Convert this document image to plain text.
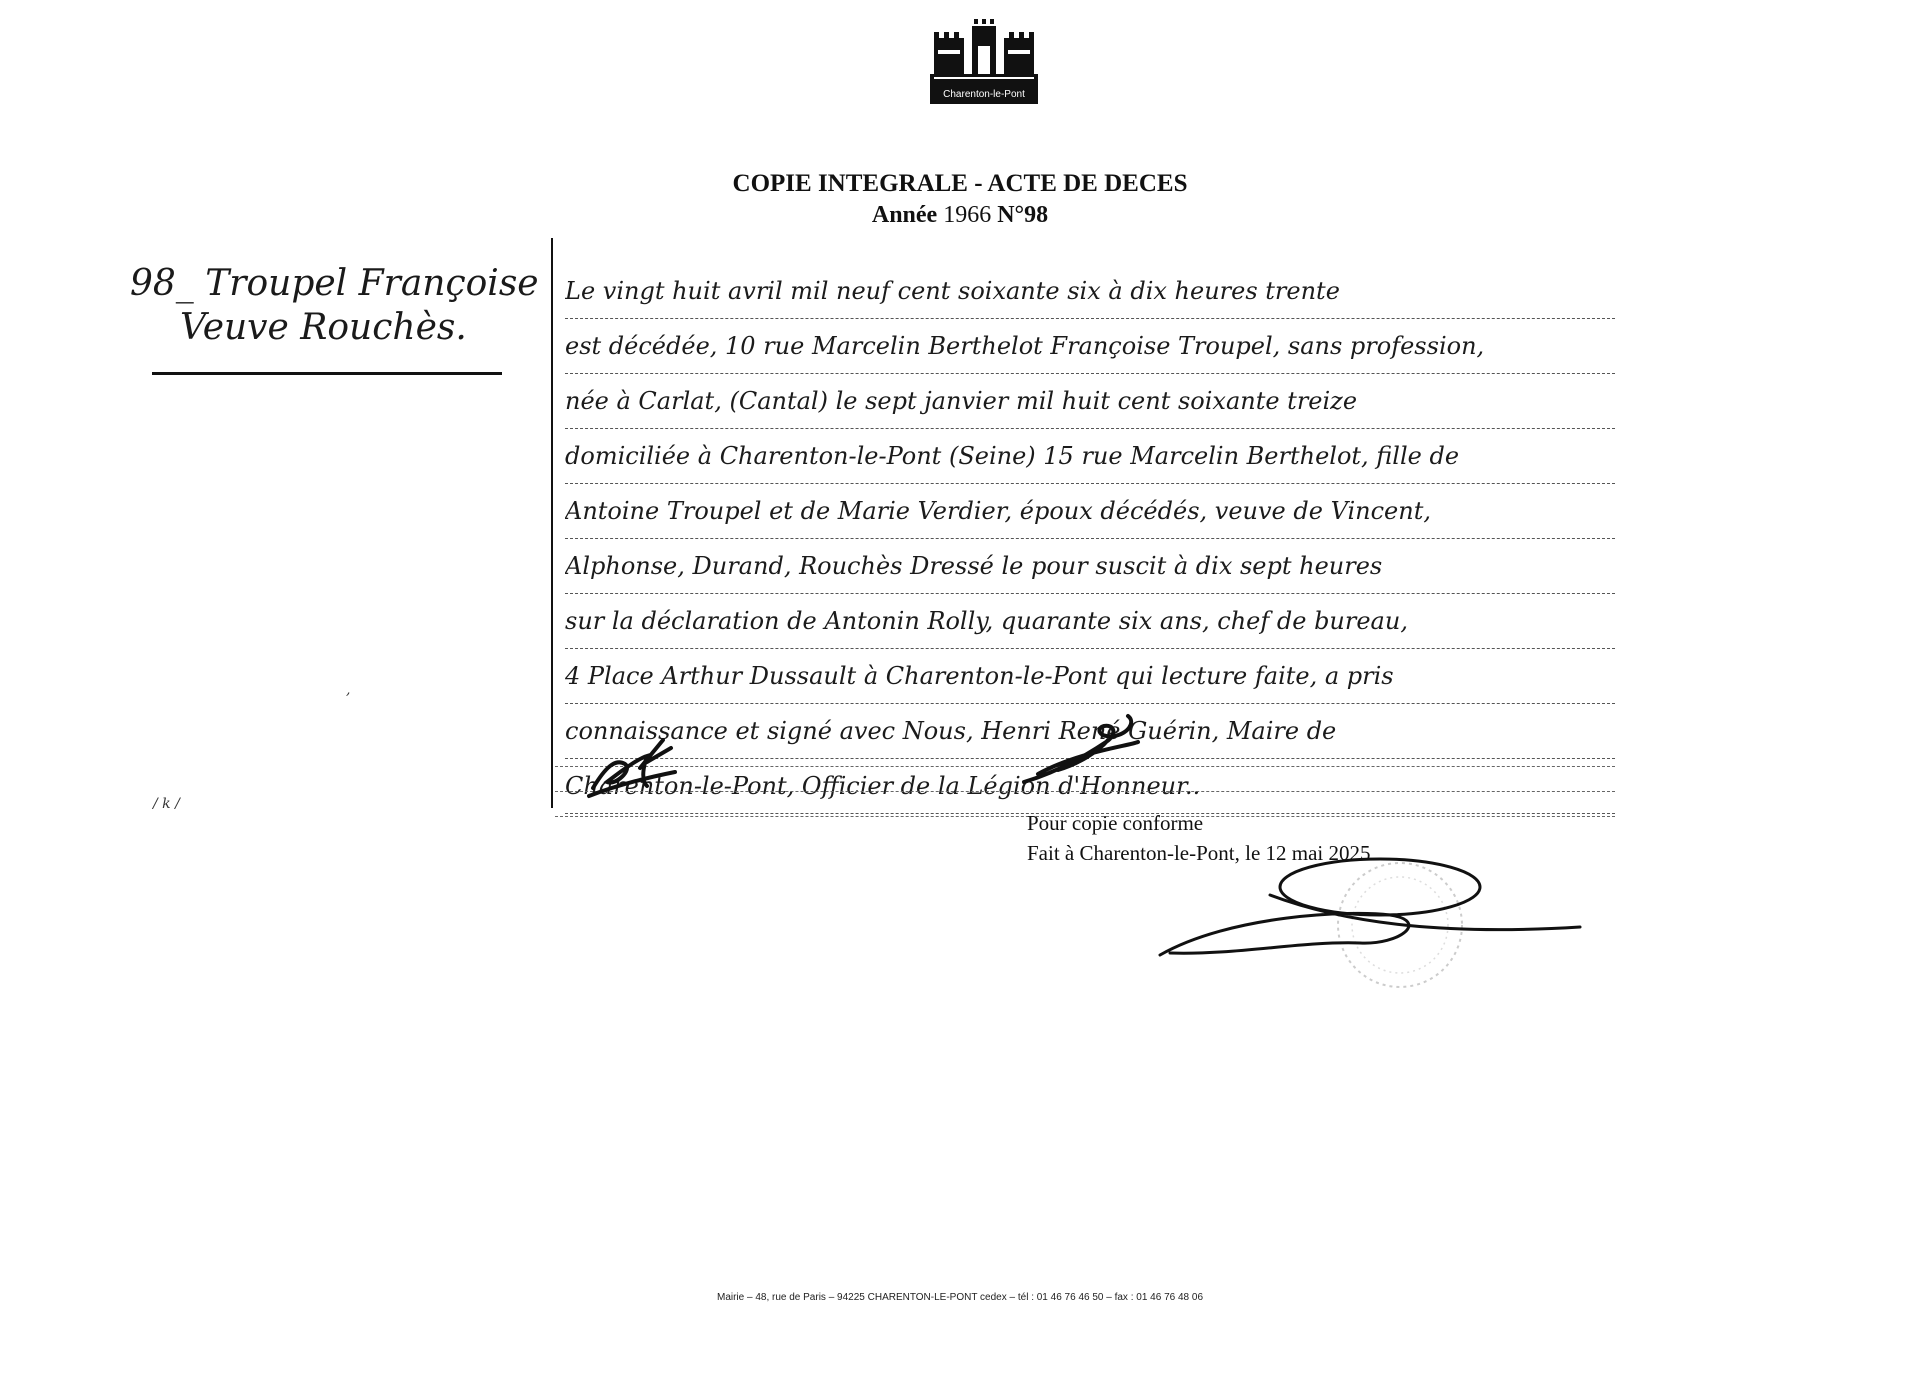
Charenton-le-Pont
COPIE INTEGRALE - ACTE DE DECES
Année 1966 N°98
98_ Troupel Françoise
Veuve Rouchès.
,
/ k /
Le vingt huit avril mil neuf cent soixante six à dix heures trente
est décédée, 10 rue Marcelin Berthelot Françoise Troupel, sans profession,
née à Carlat, (Cantal) le sept janvier mil huit cent soixante treize
domiciliée à Charenton-le-Pont (Seine) 15 rue Marcelin Berthelot, fille de
Antoine Troupel et de Marie Verdier, époux décédés, veuve de Vincent,
Alphonse, Durand, Rouchès Dressé le pour suscit à dix sept heures
sur la déclaration de Antonin Rolly, quarante six ans, chef de bureau,
4 Place Arthur Dussault à Charenton-le-Pont qui lecture faite, a pris
connaissance et signé avec Nous, Henri René Guérin, Maire de
Charenton-le-Pont, Officier de la Légion d'Honneur..
Pour copie conforme
Fait à Charenton-le-Pont, le 12 mai 2025
Mairie – 48, rue de Paris – 94225 CHARENTON-LE-PONT cedex – tél : 01 46 76 46 50 – fax : 01 46 76 48 06
